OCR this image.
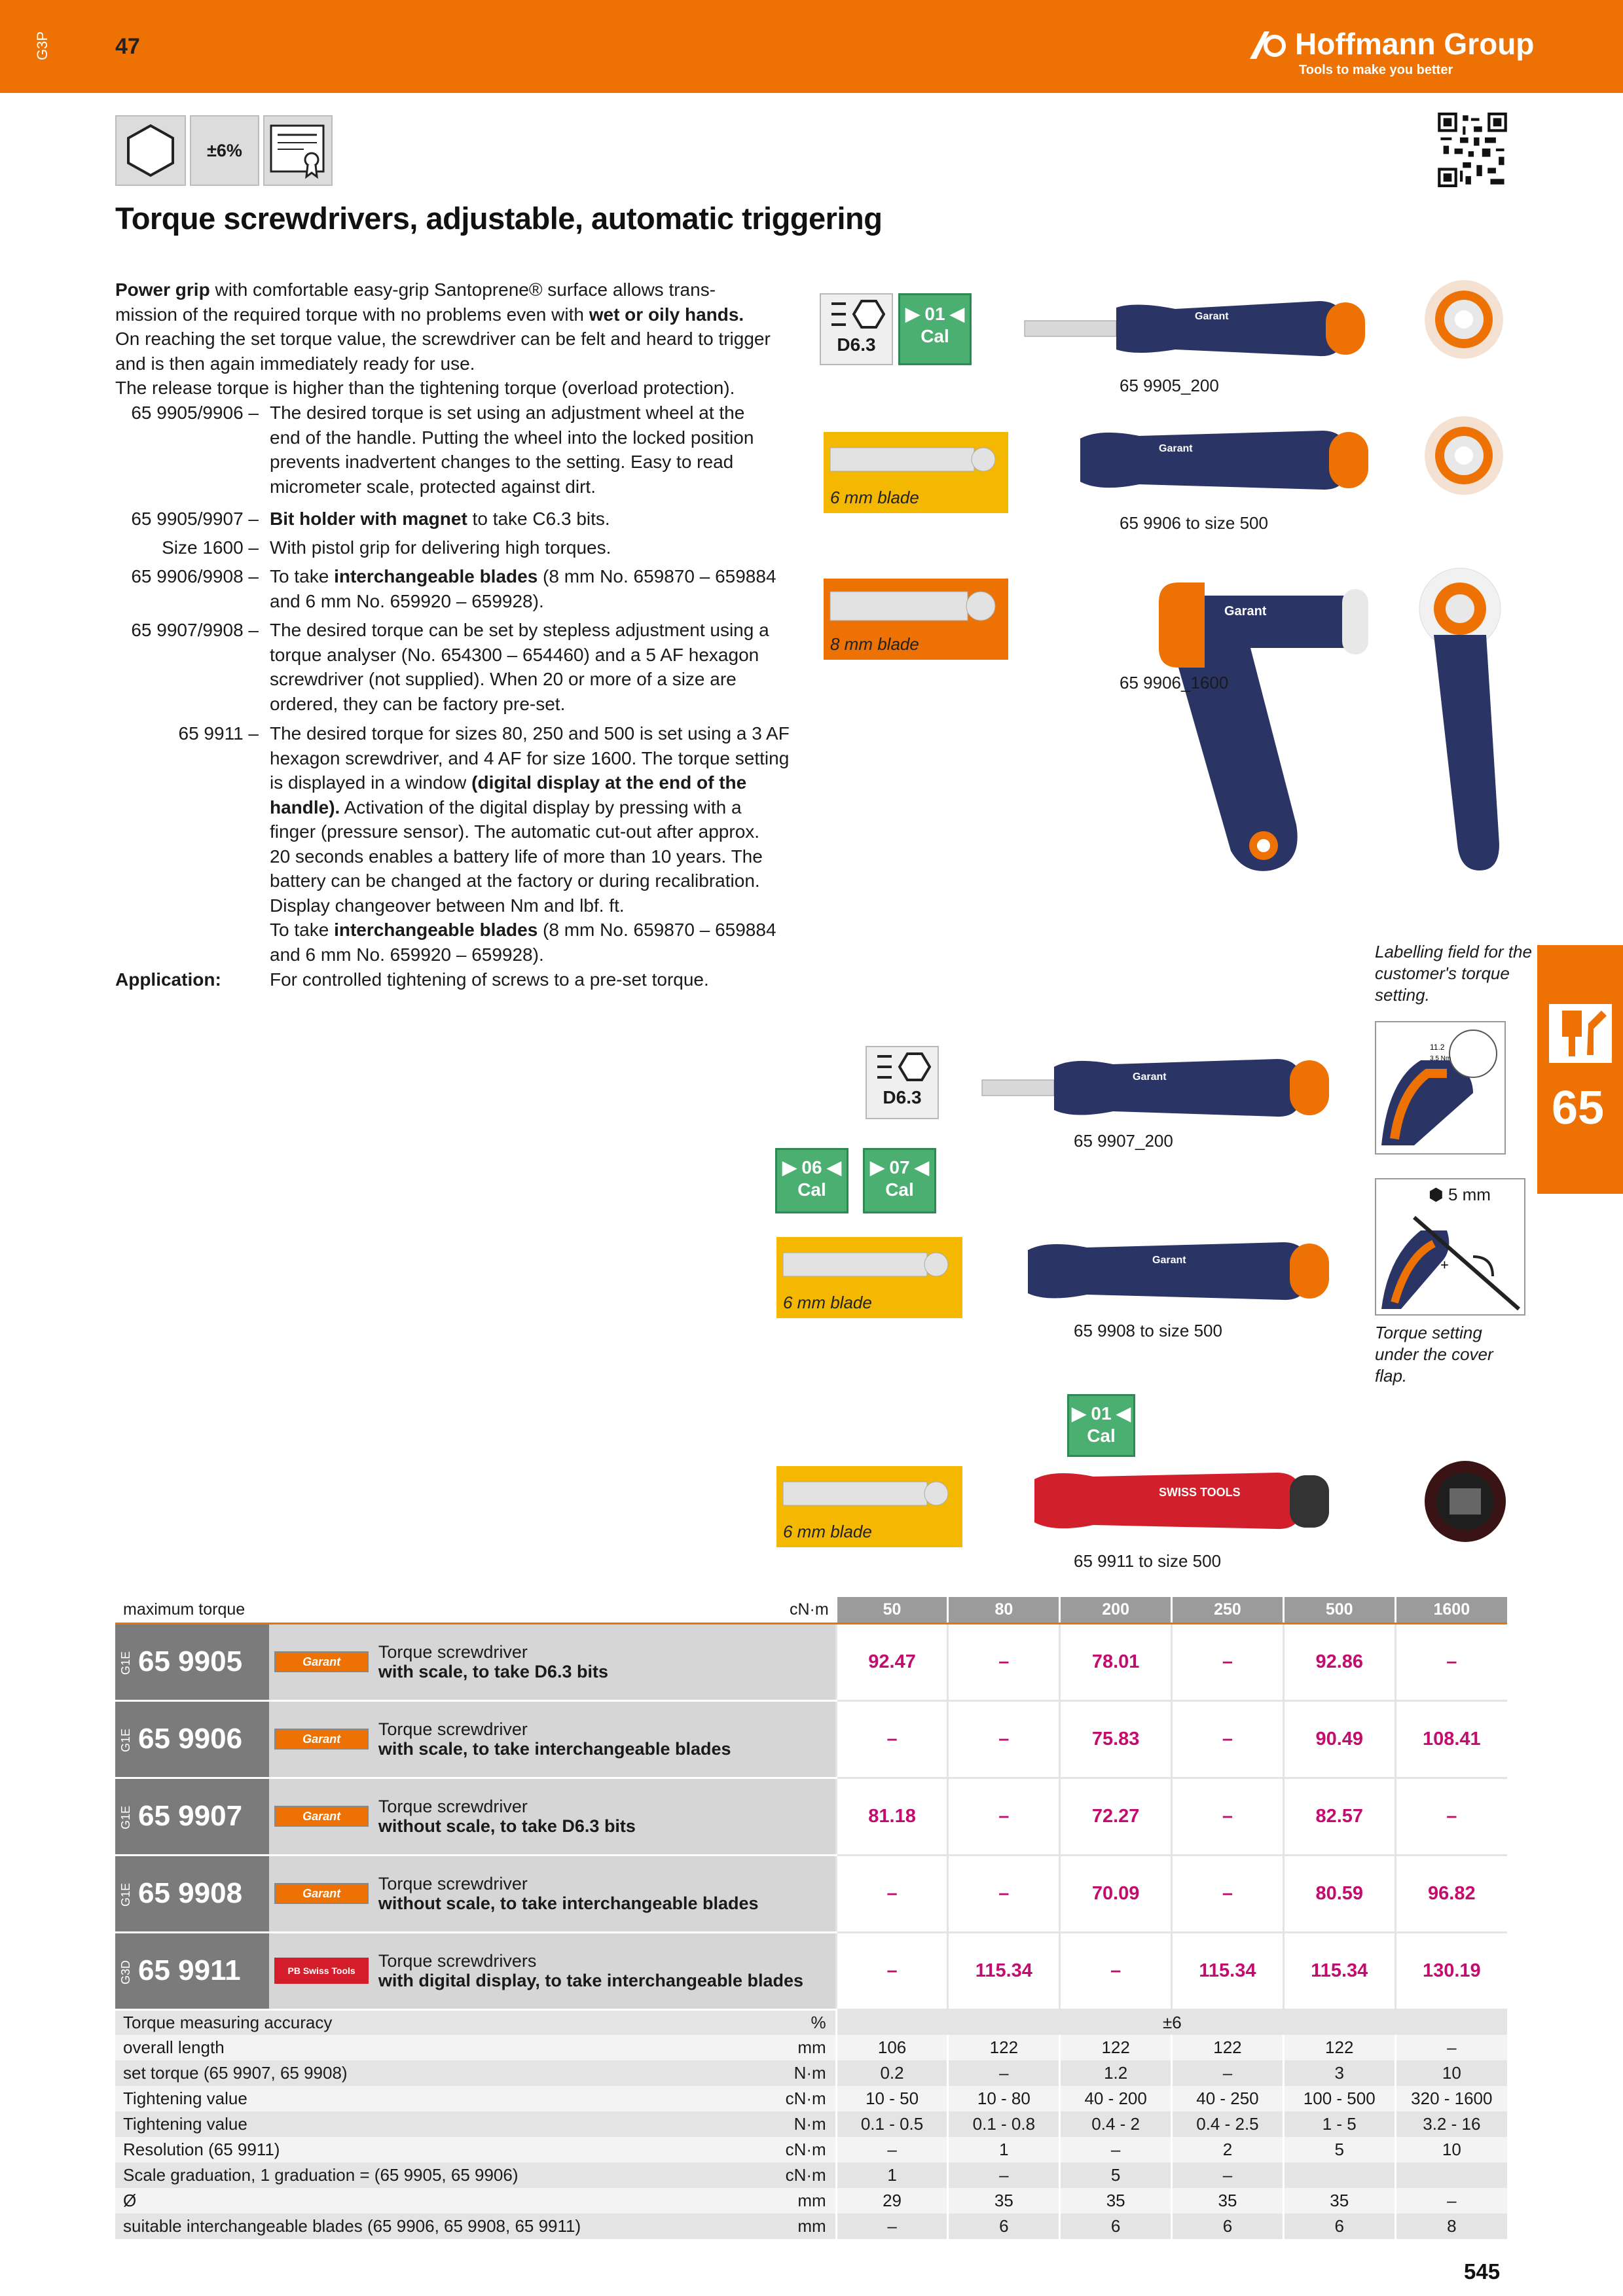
G3P	47	Hoffmann Group
Tools to make you better
±6%
Torque screwdrivers, adjustable, automatic triggering
Power grip with comfortable easy-grip Santoprene® surface allows trans-
mission of the required torque with no problems even with wet or oily hands.
On reaching the set torque value, the screwdriver can be felt and heard to trigger
and is then again immediately ready for use.
The release torque is higher than the tightening torque (overload protection).
65 9905/9906 – The desired torque is set using an adjustment wheel at the
end of the handle. Putting the wheel into the locked position
prevents inadvertent changes to the setting. Easy to read
micrometer scale, protected against dirt.
65 9905/9907 – Bit holder with magnet to take C6.3 bits.
Size 1600 – With pistol grip for delivering high torques.
65 9906/9908 – To take interchangeable blades (8 mm No. 659870 – 659884
and 6 mm No. 659920 – 659928).
65 9907/9908 – The desired torque can be set by stepless adjustment using a
torque analyser (No. 654300 – 654460) and a 5 AF hexagon
screwdriver (not supplied). When 20 or more of a size are
ordered, they can be factory pre-set.
65 9911 – The desired torque for sizes 80, 250 and 500 is set using a 3 AF
hexagon screwdriver, and 4 AF for size 1600. The torque setting
is displayed in a window (digital display at the end of the
handle). Activation of the digital display by pressing with a
finger (pressure sensor). The automatic cut-out after approx.
20 seconds enables a battery life of more than 10 years. The
battery can be changed at the factory or during recalibration.
Display changeover between Nm and lbf. ft.
To take interchangeable blades (8 mm No. 659870 – 659884
and 6 mm No. 659920 – 659928).
Application:	For controlled tightening of screws to a pre-set torque.
D6.3
▶ 01 ◀
Cal
Garant
65 9905_200
6 mm blade
Garant
65 9906 to size 500
8 mm blade
Garant
65 9906_1600
Labelling field for the customer's torque setting.
65
11.2
3.5 Nm
D6.3
▶ 06 ◀
Cal
▶ 07 ◀
Cal
Garant
65 9907_200
⬢ 5 mm
+
Torque setting under the cover flap.
6 mm blade
Garant
65 9908 to size 500
▶ 01 ◀
Cal
6 mm blade
SWISS TOOLS
65 9911 to size 500
maximum torque			cN·m	50	80	200	250	500	1600
G1E 65 9905	Garant	Torque screwdriver
with scale, to take D6.3 bits		92.47	–	78.01	–	92.86	–
G1E 65 9906	Garant	Torque screwdriver
with scale, to take interchangeable blades		–	–	75.83	–	90.49	108.41
G1E 65 9907	Garant	Torque screwdriver
without scale, to take D6.3 bits		81.18	–	72.27	–	82.57	–
G1E 65 9908	Garant	Torque screwdriver
without scale, to take interchangeable blades		–	–	70.09	–	80.59	96.82
G3D 65 9911	PB Swiss Tools	Torque screwdrivers
with digital display, to take interchangeable blades		–	115.34	–	115.34	115.34	130.19
Torque measuring accuracy			%	±6					
overall length			mm	106	122	122	122	122	–
set torque (65 9907, 65 9908)			N·m	0.2	–	1.2	–	3	10
Tightening value			cN·m	10 - 50	10 - 80	40 - 200	40 - 250	100 - 500	320 - 1600
Tightening value			N·m	0.1 - 0.5	0.1 - 0.8	0.4 - 2	0.4 - 2.5	1 - 5	3.2 - 16
Resolution (65 9911)			cN·m	–	1	–	2	5	10
Scale graduation, 1 graduation = (65 9905, 65 9906)			cN·m	1	–	5	–		
Ø			mm	29	35	35	35	35	–
suitable interchangeable blades (65 9906, 65 9908, 65 9911)			mm	–	6	6	6	6	8
545
